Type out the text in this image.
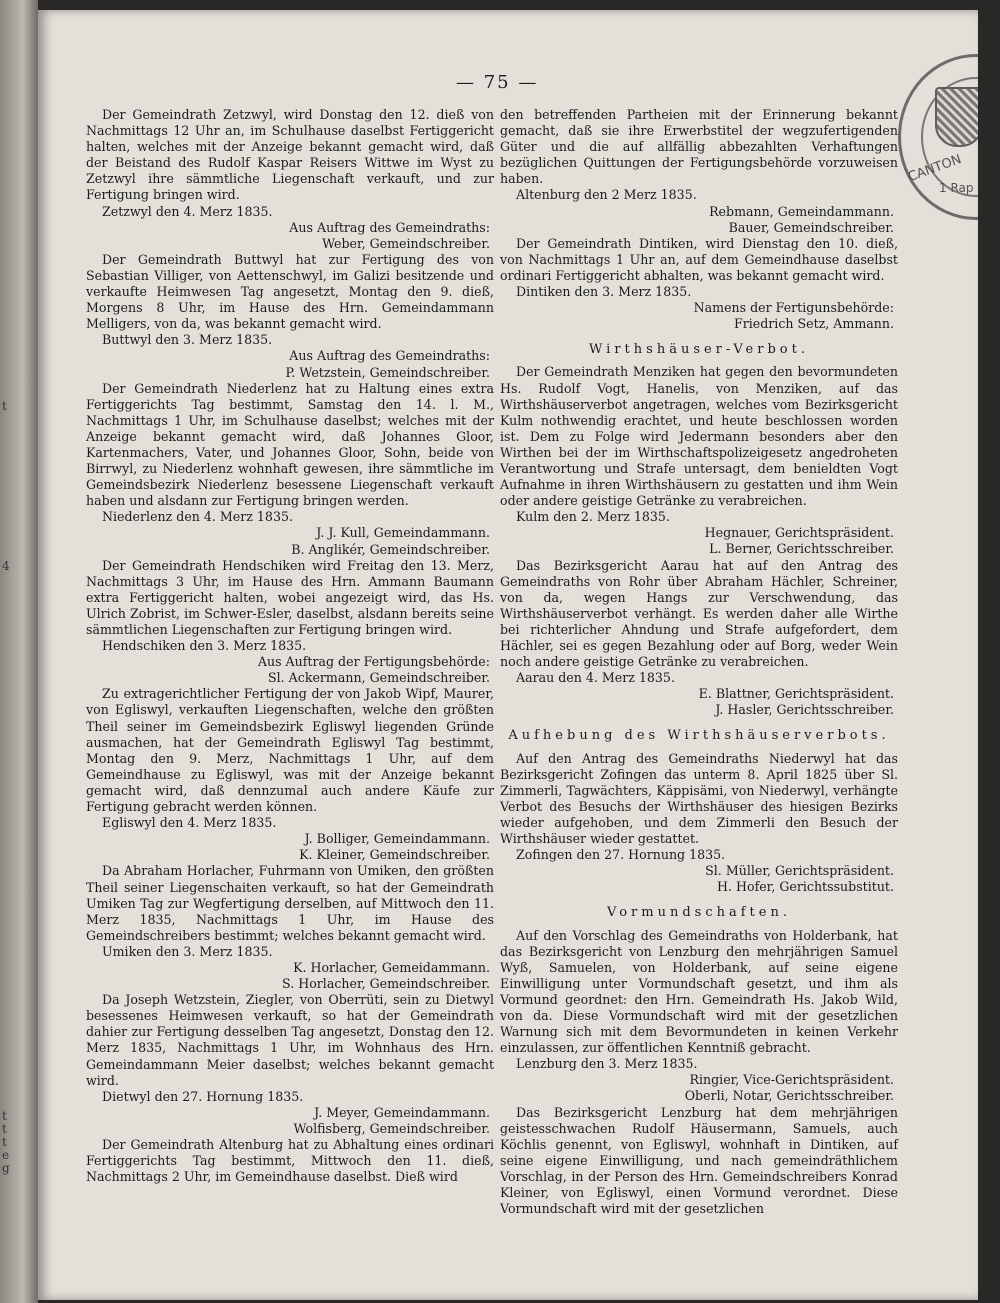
t
4
t
t
t
e
g
— 75 —
CANTON
1 Rap

Der Gemeindrath Zetzwyl, wird Donstag den 12. dieß von Nachmittags 12 Uhr an, im Schulhause daselbst Fertiggericht halten, welches mit der Anzeige bekannt gemacht wird, daß der Beistand des Rudolf Kaspar Reisers Wittwe im Wyst zu Zetzwyl ihre sämmtliche Liegenschaft verkauft, und zur Fertigung bringen wird.

Zetzwyl den 4. Merz 1835.

Aus Auftrag des Gemeindraths:

Weber, Gemeindschreiber.

Der Gemeindrath Buttwyl hat zur Fertigung des von Sebastian Villiger, von Aettenschwyl, im Galizi besitzende und verkaufte Heimwesen Tag angesetzt, Montag den 9. dieß, Morgens 8 Uhr, im Hause des Hrn. Gemeindammann Melligers, von da, was bekannt gemacht wird.

Buttwyl den 3. Merz 1835.

Aus Auftrag des Gemeindraths:

P. Wetzstein, Gemeindschreiber.

Der Gemeindrath Niederlenz hat zu Haltung eines extra Fertiggerichts Tag bestimmt, Samstag den 14. l. M., Nachmittags 1 Uhr, im Schulhause daselbst; welches mit der Anzeige bekannt gemacht wird, daß Johannes Gloor, Kartenmachers, Vater, und Johannes Gloor, Sohn, beide von Birrwyl, zu Niederlenz wohnhaft gewesen, ihre sämmtliche im Gemeindsbezirk Niederlenz besessene Liegenschaft verkauft haben und alsdann zur Fertigung bringen werden.

Niederlenz den 4. Merz 1835.

J. J. Kull, Gemeindammann.

B. Anglikér, Gemeindschreiber.

Der Gemeindrath Hendschiken wird Freitag den 13. Merz, Nachmittags 3 Uhr, im Hause des Hrn. Ammann Baumann extra Fertiggericht halten, wobei angezeigt wird, das Hs. Ulrich Zobrist, im Schwer-Esler, daselbst, alsdann bereits seine sämmtlichen Liegenschaften zur Fertigung bringen wird.

Hendschiken den 3. Merz 1835.

Aus Auftrag der Fertigungsbehörde:

Sl. Ackermann, Gemeindschreiber.

Zu extragerichtlicher Fertigung der von Jakob Wipf, Maurer, von Egliswyl, verkauften Liegenschaften, welche den größten Theil seiner im Gemeindsbezirk Egliswyl liegenden Gründe ausmachen, hat der Gemeindrath Egliswyl Tag bestimmt, Montag den 9. Merz, Nachmittags 1 Uhr, auf dem Gemeindhause zu Egliswyl, was mit der Anzeige bekannt gemacht wird, daß dennzumal auch andere Käufe zur Fertigung gebracht werden können.

Egliswyl den 4. Merz 1835.

J. Bolliger, Gemeindammann.

K. Kleiner, Gemeindschreiber.

Da Abraham Horlacher, Fuhrmann von Umiken, den größten Theil seiner Liegenschaiten verkauft, so hat der Gemeindrath Umiken Tag zur Wegfertigung derselben, auf Mittwoch den 11. Merz 1835, Nachmittags 1 Uhr, im Hause des Gemeindschreibers bestimmt; welches bekannt gemacht wird.

Umiken den 3. Merz 1835.

K. Horlacher, Gemeidammann.

S. Horlacher, Gemeindschreiber.

Da Joseph Wetzstein, Ziegler, von Oberrüti, sein zu Dietwyl besessenes Heimwesen verkauft, so hat der Gemeindrath dahier zur Fertigung desselben Tag angesetzt, Donstag den 12. Merz 1835, Nachmittags 1 Uhr, im Wohnhaus des Hrn. Gemeindammann Meier daselbst; welches bekannt gemacht wird.

Dietwyl den 27. Hornung 1835.

J. Meyer, Gemeindammann.

Wolfisberg, Gemeindschreiber.

Der Gemeindrath Altenburg hat zu Abhaltung eines ordinari Fertiggerichts Tag bestimmt, Mittwoch den 11. dieß, Nachmittags 2 Uhr, im Gemeindhause daselbst. Dieß wird

den betreffenden Partheien mit der Erinnerung bekannt gemacht, daß sie ihre Erwerbstitel der wegzufertigenden Güter und die auf allfällig abbezahlten Verhaftungen bezüglichen Quittungen der Fertigungsbehörde vorzuweisen haben.

Altenburg den 2 Merz 1835.

Rebmann, Gemeindammann.

Bauer, Gemeindschreiber.

Der Gemeindrath Dintiken, wird Dienstag den 10. dieß, von Nachmittags 1 Uhr an, auf dem Gemeindhause daselbst ordinari Fertiggericht abhalten, was bekannt gemacht wird.

Dintiken den 3. Merz 1835.

Namens der Fertigunsbehörde:

Friedrich Setz, Ammann.

Wirthshäuser-Verbot.

Der Gemeindrath Menziken hat gegen den bevormundeten Hs. Rudolf Vogt, Hanelis, von Menziken, auf das Wirthshäuserverbot angetragen, welches vom Bezirksgericht Kulm nothwendig erachtet, und heute beschlossen worden ist. Dem zu Folge wird Jedermann besonders aber den Wirthen bei der im Wirthschaftspolizeigesetz angedroheten Verantwortung und Strafe untersagt, dem benieldten Vogt Aufnahme in ihren Wirthshäusern zu gestatten und ihm Wein oder andere geistige Getränke zu verabreichen.

Kulm den 2. Merz 1835.

Hegnauer, Gerichtspräsident.

L. Berner, Gerichtsschreiber.

Das Bezirksgericht Aarau hat auf den Antrag des Gemeindraths von Rohr über Abraham Hächler, Schreiner, von da, wegen Hangs zur Verschwendung, das Wirthshäuserverbot verhängt. Es werden daher alle Wirthe bei richterlicher Ahndung und Strafe aufgefordert, dem Hächler, sei es gegen Bezahlung oder auf Borg, weder Wein noch andere geistige Getränke zu verabreichen.

Aarau den 4. Merz 1835.

E. Blattner, Gerichtspräsident.

J. Hasler, Gerichtsschreiber.

Aufhebung des Wirthshäuserverbots.

Auf den Antrag des Gemeindraths Niederwyl hat das Bezirksgericht Zofingen das unterm 8. April 1825 über Sl. Zimmerli, Tagwächters, Käppisämi, von Niederwyl, verhängte Verbot des Besuchs der Wirthshäuser des hiesigen Bezirks wieder aufgehoben, und dem Zimmerli den Besuch der Wirthshäuser wieder gestattet.

Zofingen den 27. Hornung 1835.

Sl. Müller, Gerichtspräsident.

H. Hofer, Gerichtssubstitut.

Vormundschaften.

Auf den Vorschlag des Gemeindraths von Holderbank, hat das Bezirksgericht von Lenzburg den mehrjährigen Samuel Wyß, Samuelen, von Holderbank, auf seine eigene Einwilligung unter Vormundschaft gesetzt, und ihm als Vormund geordnet: den Hrn. Gemeindrath Hs. Jakob Wild, von da. Diese Vormundschaft wird mit der gesetzlichen Warnung sich mit dem Bevormundeten in keinen Verkehr einzulassen, zur öffentlichen Kenntniß gebracht.

Lenzburg den 3. Merz 1835.

Ringier, Vice-Gerichtspräsident.

Oberli, Notar, Gerichtsschreiber.

Das Bezirksgericht Lenzburg hat dem mehrjährigen geistesschwachen Rudolf Häusermann, Samuels, auch Köchlis genennt, von Egliswyl, wohnhaft in Dintiken, auf seine eigene Einwilligung, und nach gemeindräthlichem Vorschlag, in der Person des Hrn. Gemeindschreibers Konrad Kleiner, von Egliswyl, einen Vormund verordnet. Diese Vormundschaft wird mit der gesetzlichen
